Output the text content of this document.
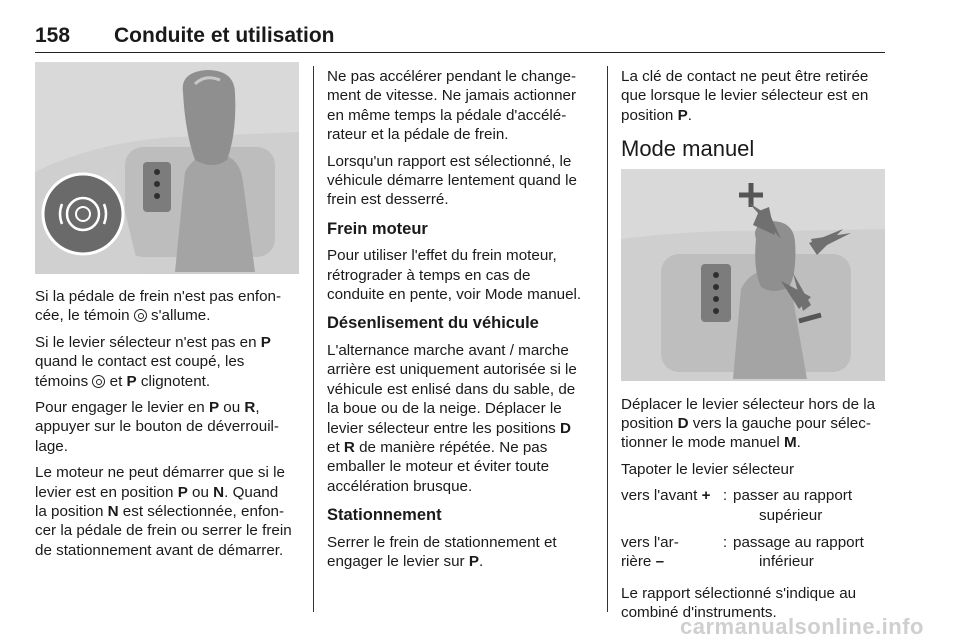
158 Conduite et utilisation

Si la pédale de frein n'est pas enfon-
cée, le témoin  s'allume.

Si le levier sélecteur n'est pas en P
quand le contact est coupé, les
témoins  et P clignotent.

Pour engager le levier en P ou R,
appuyer sur le bouton de déverrouil-
lage.

Le moteur ne peut démarrer que si le
levier est en position P ou N. Quand
la position N est sélectionnée, enfon-
cer la pédale de frein ou serrer le frein
de stationnement avant de démarrer.

Ne pas accélérer pendant le change-
ment de vitesse. Ne jamais actionner
en même temps la pédale d'accélé-
rateur et la pédale de frein.

Lorsqu'un rapport est sélectionné, le
véhicule démarre lentement quand le
frein est desserré.

Frein moteur

Pour utiliser l'effet du frein moteur,
rétrograder à temps en cas de
conduite en pente, voir Mode manuel.

Désenlisement du véhicule

L'alternance marche avant / marche
arrière est uniquement autorisée si le
véhicule est enlisé dans du sable, de
la boue ou de la neige. Déplacer le
levier sélecteur entre les positions D
et R de manière répétée. Ne pas
emballer le moteur et éviter toute
accélération brusque.

Stationnement

Serrer le frein de stationnement et
engager le levier sur P.

La clé de contact ne peut être retirée
que lorsque le levier sélecteur est en
position P.

Mode manuel

Déplacer le levier sélecteur hors de la
position D vers la gauche pour sélec-
tionner le mode manuel M.

Tapoter le levier sélecteur

vers l'avant + : passer au rapport
supérieur
vers l'ar-
rière –
: passage au rapport
inférieur

Le rapport sélectionné s'indique au
combiné d'instruments.

carmanualsonline.info
